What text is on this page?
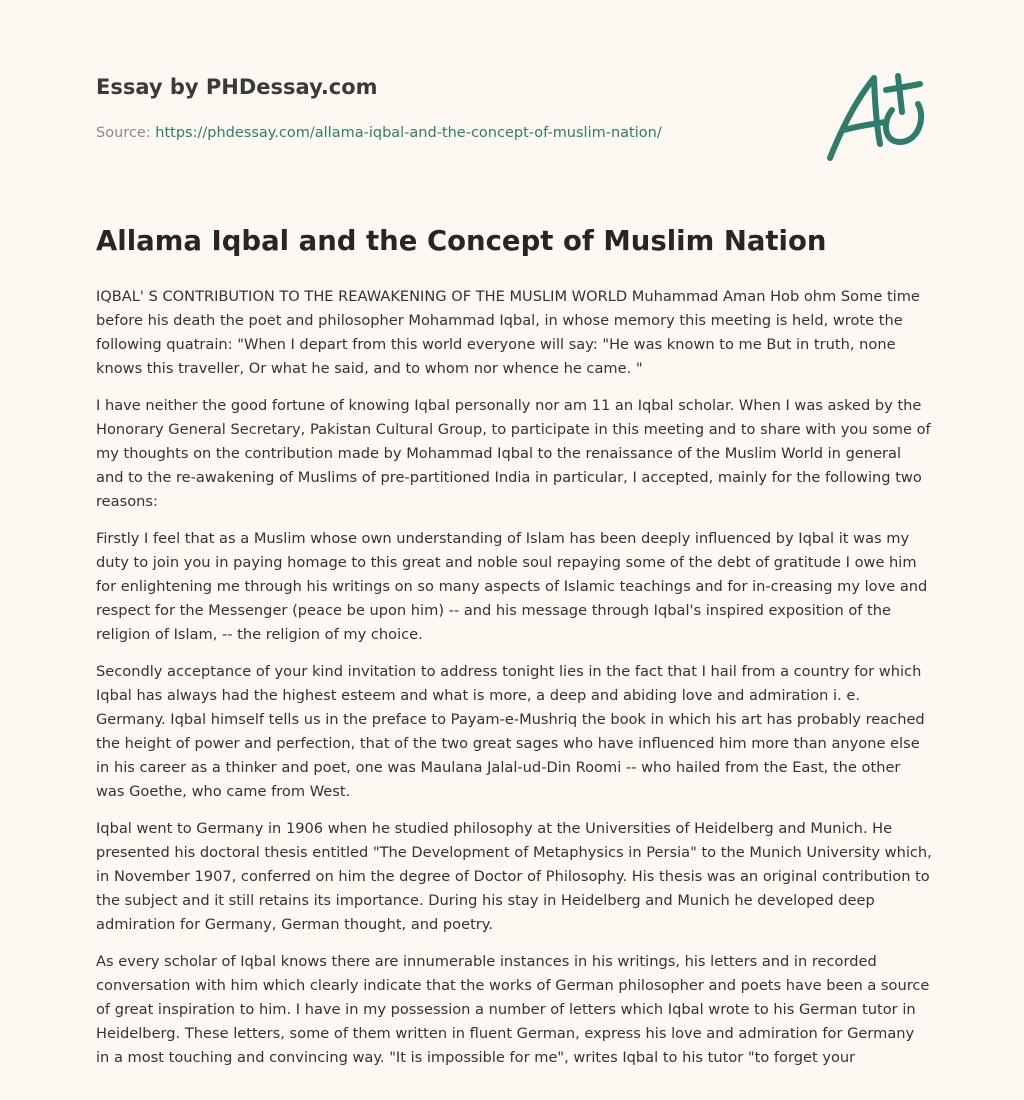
Essay by PHDessay.com
Source: https://phdessay.com/allama-iqbal-and-the-concept-of-muslim-nation/
Allama Iqbal and the Concept of Muslim Nation

IQBAL' S CONTRIBUTION TO THE REAWAKENING OF THE MUSLIM WORLD Muhammad Aman Hob ohm Some time before his death the poet and philosopher Mohammad Iqbal, in whose memory this meeting is held, wrote the following quatrain: "When I depart from this world everyone will say: "He was known to me But in truth, none knows this traveller, Or what he said, and to whom nor whence he came. "

I have neither the good fortune of knowing Iqbal personally nor am 11 an Iqbal scholar. When I was asked by the Honorary General Secretary, Pakistan Cultural Group, to participate in this meeting and to share with you some of my thoughts on the contribution made by Mohammad Iqbal to the renaissance of the Muslim World in general and to the re-awakening of Muslims of pre-partitioned India in particular, I accepted, mainly for the following two reasons:

Firstly I feel that as a Muslim whose own understanding of Islam has been deeply influenced by Iqbal it was my duty to join you in paying homage to this great and noble soul repaying some of the debt of gratitude I owe him for enlightening me through his writings on so many aspects of Islamic teachings and for in-creasing my love and respect for the Messenger (peace be upon him) -- and his message through Iqbal's inspired exposition of the religion of Islam, -- the religion of my choice.

Secondly acceptance of your kind invitation to address tonight lies in the fact that I hail from a country for which Iqbal has always had the highest esteem and what is more, a deep and abiding love and admiration i. e. Germany. Iqbal himself tells us in the preface to Payam-e-Mushriq the book in which his art has probably reached the height of power and perfection, that of the two great sages who have influenced him more than anyone else in his career as a thinker and poet, one was Maulana Jalal-ud-Din Roomi -- who hailed from the East, the other was Goethe, who came from West.

Iqbal went to Germany in 1906 when he studied philosophy at the Universities of Heidelberg and Munich. He presented his doctoral thesis entitled "The Development of Metaphysics in Persia" to the Munich University which, in November 1907, conferred on him the degree of Doctor of Philosophy. His thesis was an original contribution to the subject and it still retains its importance. During his stay in Heidelberg and Munich he developed deep admiration for Germany, German thought, and poetry.

As every scholar of Iqbal knows there are innumerable instances in his writings, his letters and in recorded conversation with him which clearly indicate that the works of German philosopher and poets have been a source of great inspiration to him. I have in my possession a number of letters which Iqbal wrote to his German tutor in Heidelberg. These letters, some of them written in fluent German, express his love and admiration for Germany in a most touching and convincing way. "It is impossible for me", writes Iqbal to his tutor "to forget your
